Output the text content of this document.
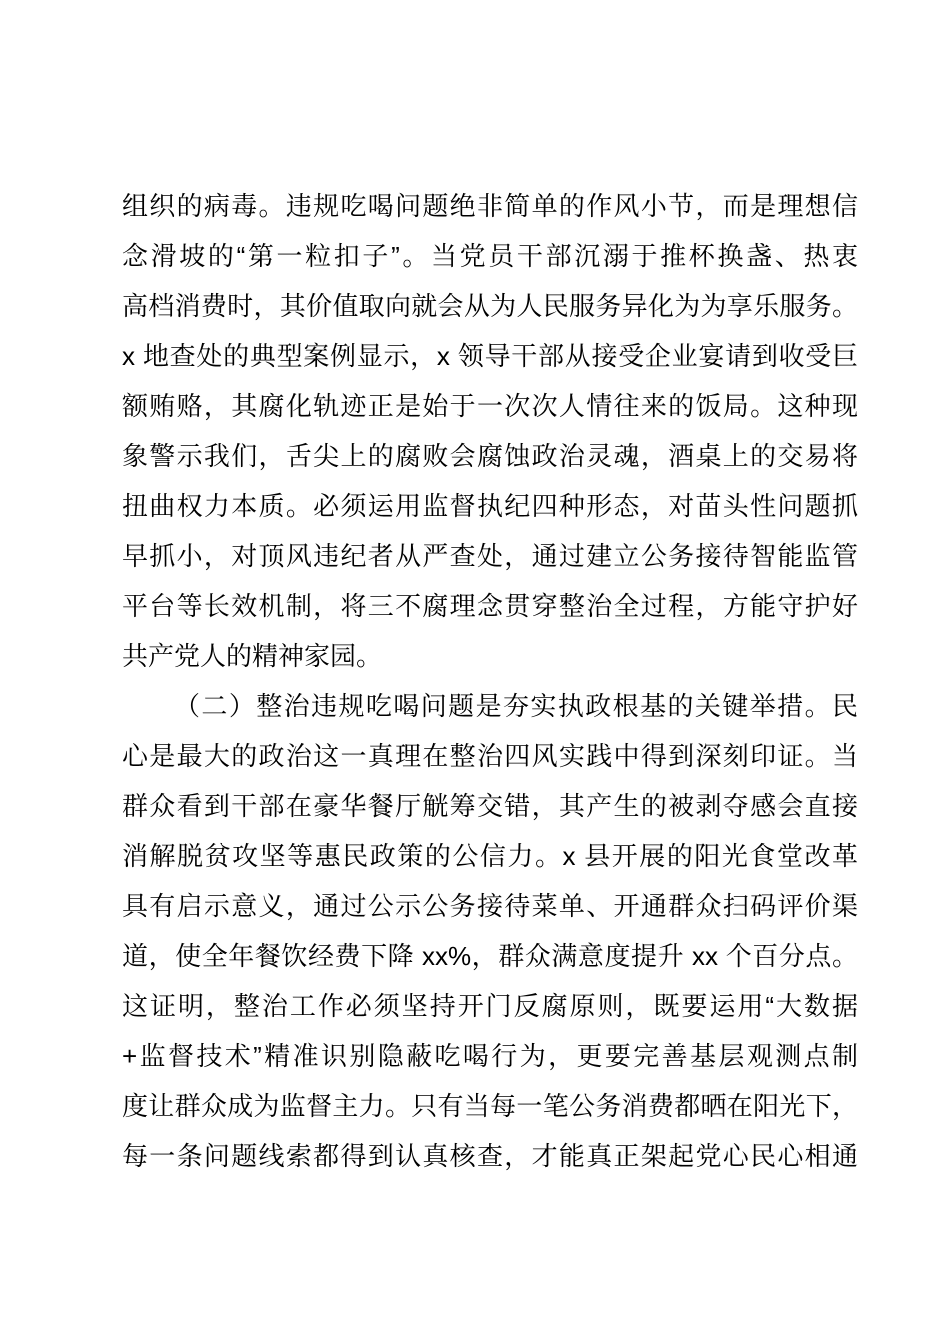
组织的病毒。违规吃喝问题绝非简单的作风小节，而是理想信
念滑坡的“第一粒扣子”。当党员干部沉溺于推杯换盏、热衷
高档消费时，其价值取向就会从为人民服务异化为为享乐服务。
x 地查处的典型案例显示，x 领导干部从接受企业宴请到收受巨
额贿赂，其腐化轨迹正是始于一次次人情往来的饭局。这种现
象警示我们，舌尖上的腐败会腐蚀政治灵魂，酒桌上的交易将
扭曲权力本质。必须运用监督执纪四种形态，对苗头性问题抓
早抓小，对顶风违纪者从严查处，通过建立公务接待智能监管
平台等长效机制，将三不腐理念贯穿整治全过程，方能守护好
共产党人的精神家园。
（二）整治违规吃喝问题是夯实执政根基的关键举措。民
心是最大的政治这一真理在整治四风实践中得到深刻印证。当
群众看到干部在豪华餐厅觥筹交错，其产生的被剥夺感会直接
消解脱贫攻坚等惠民政策的公信力。x 县开展的阳光食堂改革
具有启示意义，通过公示公务接待菜单、开通群众扫码评价渠
道，使全年餐饮经费下降 xx%，群众满意度提升 xx 个百分点。
这证明，整治工作必须坚持开门反腐原则，既要运用“大数据
+监督技术”精准识别隐蔽吃喝行为，更要完善基层观测点制
度让群众成为监督主力。只有当每一笔公务消费都晒在阳光下，
每一条问题线索都得到认真核查，才能真正架起党心民心相通
